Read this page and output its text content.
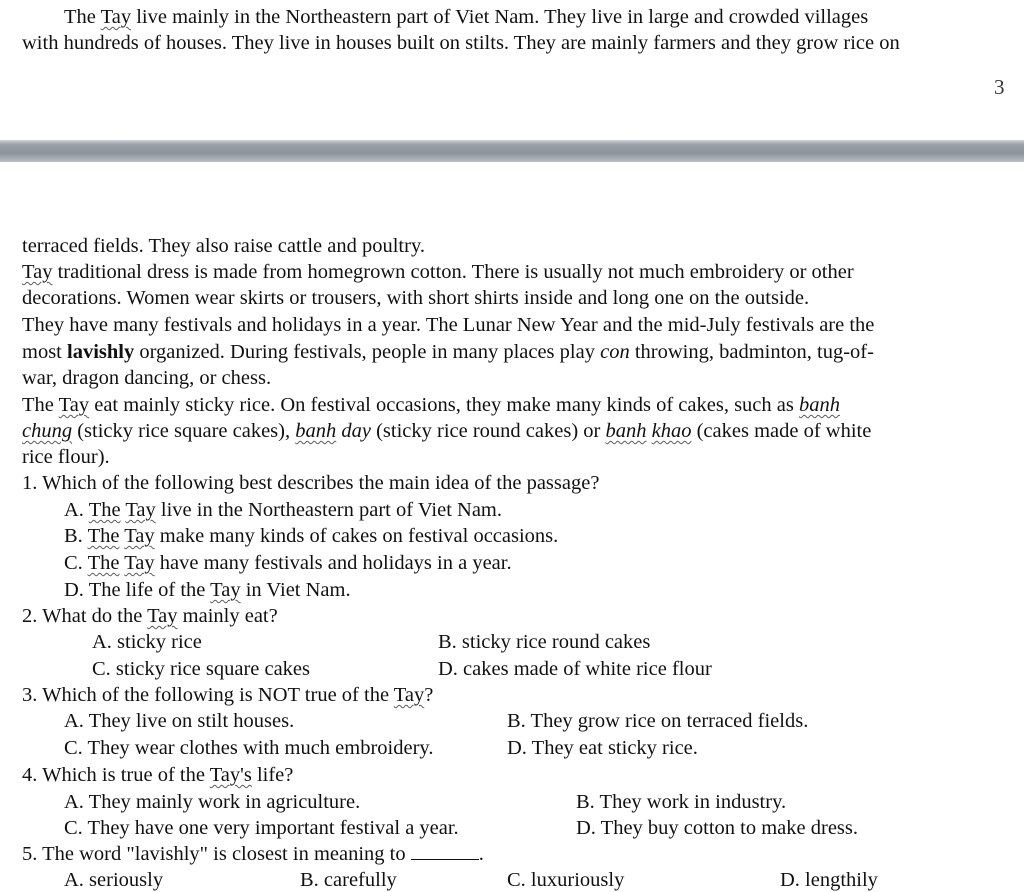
The Tay live mainly in the Northeastern part of Viet Nam. They live in large and crowded villages
with hundreds of houses. They live in houses built on stilts. They are mainly farmers and they grow rice on
3
terraced fields. They also raise cattle and poultry.
Tay traditional dress is made from homegrown cotton. There is usually not much embroidery or other
decorations. Women wear skirts or trousers, with short shirts inside and long one on the outside.
They have many festivals and holidays in a year. The Lunar New Year and the mid-July festivals are the
most lavishly organized. During festivals, people in many places play con throwing, badminton, tug-of-
war, dragon dancing, or chess.
The Tay eat mainly sticky rice. On festival occasions, they make many kinds of cakes, such as banh
chung (sticky rice square cakes), banh day (sticky rice round cakes) or banh khao (cakes made of white
rice flour).
1. Which of the following best describes the main idea of the passage?
A. The Tay live in the Northeastern part of Viet Nam.
B. The Tay make many kinds of cakes on festival occasions.
C. The Tay have many festivals and holidays in a year.
D. The life of the Tay in Viet Nam.
2. What do the Tay mainly eat?
A. sticky rice	B. sticky rice round cakes
C. sticky rice square cakes	D. cakes made of white rice flour
3. Which of the following is NOT true of the Tay?
A. They live on stilt houses.	B. They grow rice on terraced fields.
C. They wear clothes with much embroidery.	D. They eat sticky rice.
4. Which is true of the Tay's life?
A. They mainly work in agriculture.	B. They work in industry.
C. They have one very important festival a year.	D. They buy cotton to make dress.
5. The word "lavishly" is closest in meaning to	.
A. seriously	B. carefully	C. luxuriously	D. lengthily
